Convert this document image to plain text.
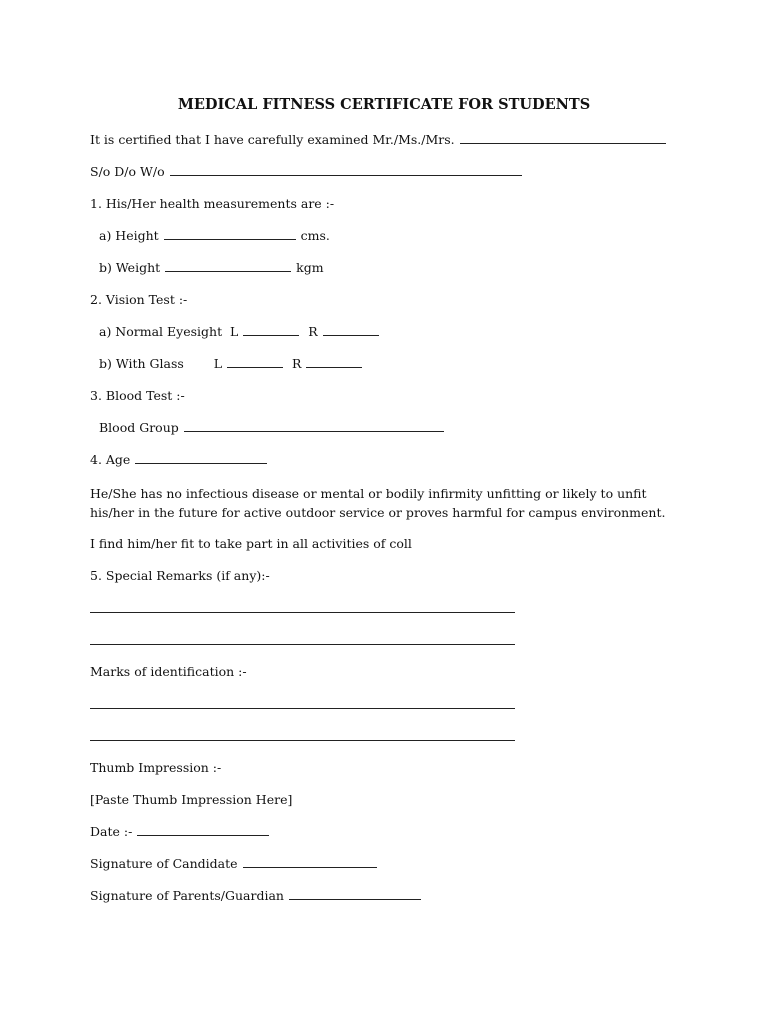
MEDICAL FITNESS CERTIFICATE FOR STUDENTS
It is certified that I have carefully examined Mr./Ms./Mrs.
S/o D/o W/o
1. His/Her health measurements are :-
a) Height	cms.
b) Weight	kgm
2. Vision Test :-
a) Normal Eyesight L	R
b) With Glass L	R
3. Blood Test :-
Blood Group
4. Age
He/She has no infectious disease or mental or bodily infirmity unfitting or likely to unfit his/her in the future for active outdoor service or proves harmful for campus environment.
I find him/her fit to take part in all activities of coll
5. Special Remarks (if any):-
Marks of identification :-
Thumb Impression :-
[Paste Thumb Impression Here]
Date :-
Signature of Candidate
Signature of Parents/Guardian
